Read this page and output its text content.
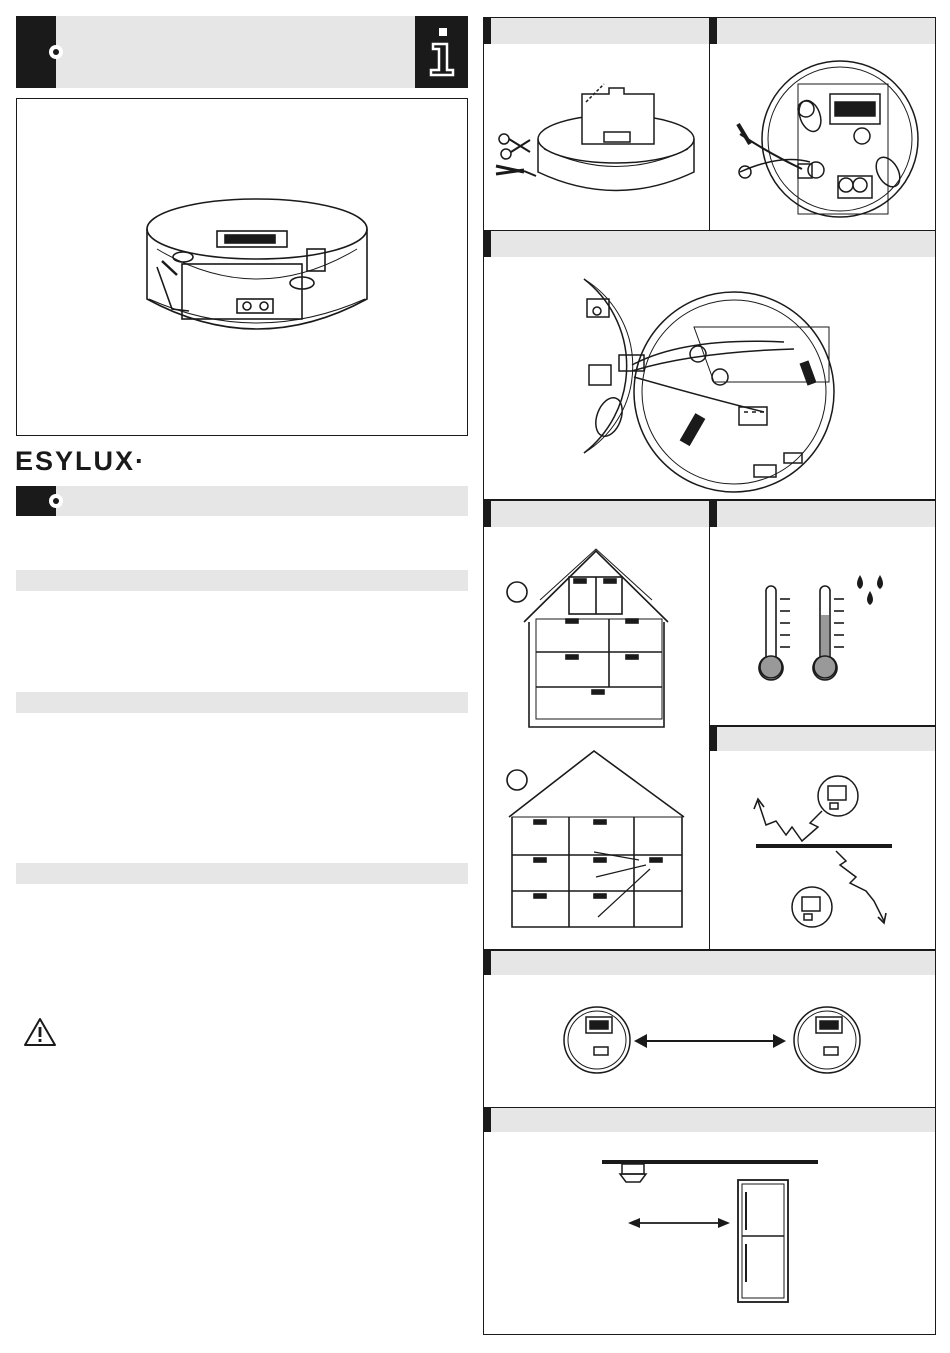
ESYLUX·
